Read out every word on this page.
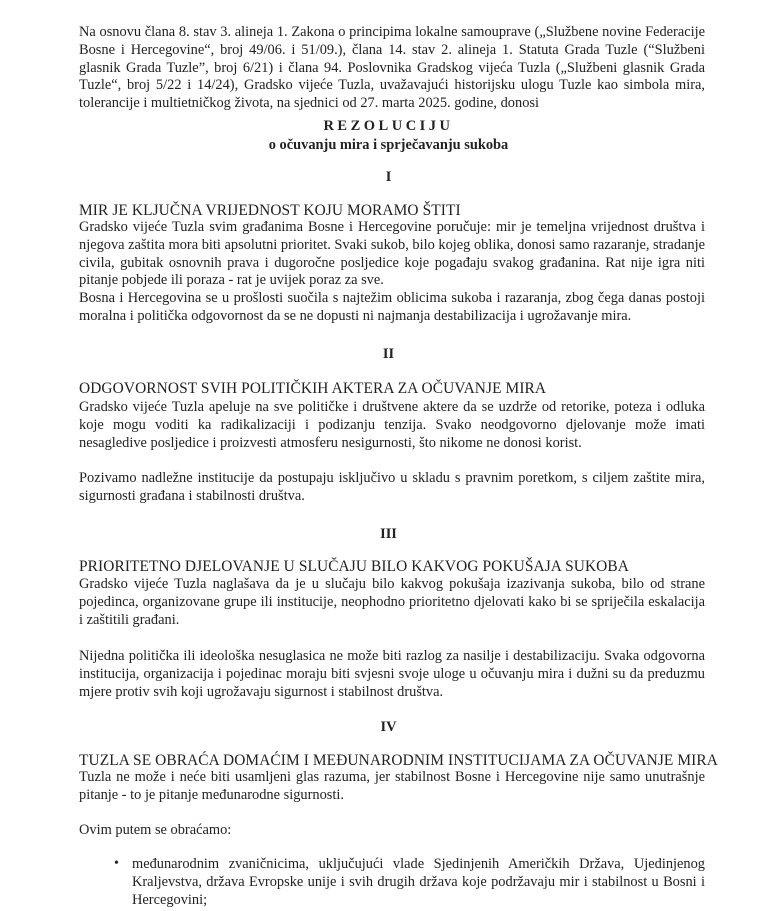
Na osnovu člana 8. stav 3. alineja 1. Zakona o principima lokalne samouprave („Službene novine Federacije Bosne i Hercegovine“, broj 49/06. i 51/09.), člana 14. stav 2. alineja 1. Statuta Grada Tuzle (“Službeni glasnik Grada Tuzle”, broj 6/21) i člana 94. Poslovnika Gradskog vijeća Tuzla („Službeni glasnik Grada Tuzle“, broj 5/22 i 14/24), Gradsko vijeće Tuzla, uvažavajući historijsku ulogu Tuzle kao simbola mira, tolerancije i multietničkog života, na sjednici od 27. marta 2025. godine, donosi

REZOLUCIJU

o očuvanju mira i sprječavanju sukoba

I

MIR JE KLJUČNA VRIJEDNOST KOJU MORAMO ŠTITI

Gradsko vijeće Tuzla svim građanima Bosne i Hercegovine poručuje: mir je temeljna vrijednost društva i njegova zaštita mora biti apsolutni prioritet. Svaki sukob, bilo kojeg oblika, donosi samo razaranje, stradanje civila, gubitak osnovnih prava i dugoročne posljedice koje pogađaju svakog građanina. Rat nije igra niti pitanje pobjede ili poraza - rat je uvijek poraz za sve.

Bosna i Hercegovina se u prošlosti suočila s najtežim oblicima sukoba i razaranja, zbog čega danas postoji moralna i politička odgovornost da se ne dopusti ni najmanja destabilizacija i ugrožavanje mira.

II

ODGOVORNOST SVIH POLITIČKIH AKTERA ZA OČUVANJE MIRA

Gradsko vijeće Tuzla apeluje na sve političke i društvene aktere da se uzdrže od retorike, poteza i odluka koje mogu voditi ka radikalizaciji i podizanju tenzija. Svako neodgovorno djelovanje može imati nesagledive posljedice i proizvesti atmosferu nesigurnosti, što nikome ne donosi korist.

Pozivamo nadležne institucije da postupaju isključivo u skladu s pravnim poretkom, s ciljem zaštite mira, sigurnosti građana i stabilnosti društva.

III

PRIORITETNO DJELOVANJE U SLUČAJU BILO KAKVOG POKUŠAJA SUKOBA

Gradsko vijeće Tuzla naglašava da je u slučaju bilo kakvog pokušaja izazivanja sukoba, bilo od strane pojedinca, organizovane grupe ili institucije, neophodno prioritetno djelovati kako bi se spriječila eskalacija i zaštitili građani.

Nijedna politička ili ideološka nesuglasica ne može biti razlog za nasilje i destabilizaciju. Svaka odgovorna institucija, organizacija i pojedinac moraju biti svjesni svoje uloge u očuvanju mira i dužni su da preduzmu mjere protiv svih koji ugrožavaju sigurnost i stabilnost društva.

IV

TUZLA SE OBRAĆA DOMAĆIM I MEĐUNARODNIM INSTITUCIJAMA ZA OČUVANJE MIRA

Tuzla ne može i neće biti usamljeni glas razuma, jer stabilnost Bosne i Hercegovine nije samo unutrašnje pitanje - to je pitanje međunarodne sigurnosti.

Ovim putem se obraćamo:

• međunarodnim zvaničnicima, uključujući vlade Sjedinjenih Američkih Država, Ujedinjenog Kraljevstva, država Evropske unije i svih drugih država koje podržavaju mir i stabilnost u Bosni i Hercegovini;
